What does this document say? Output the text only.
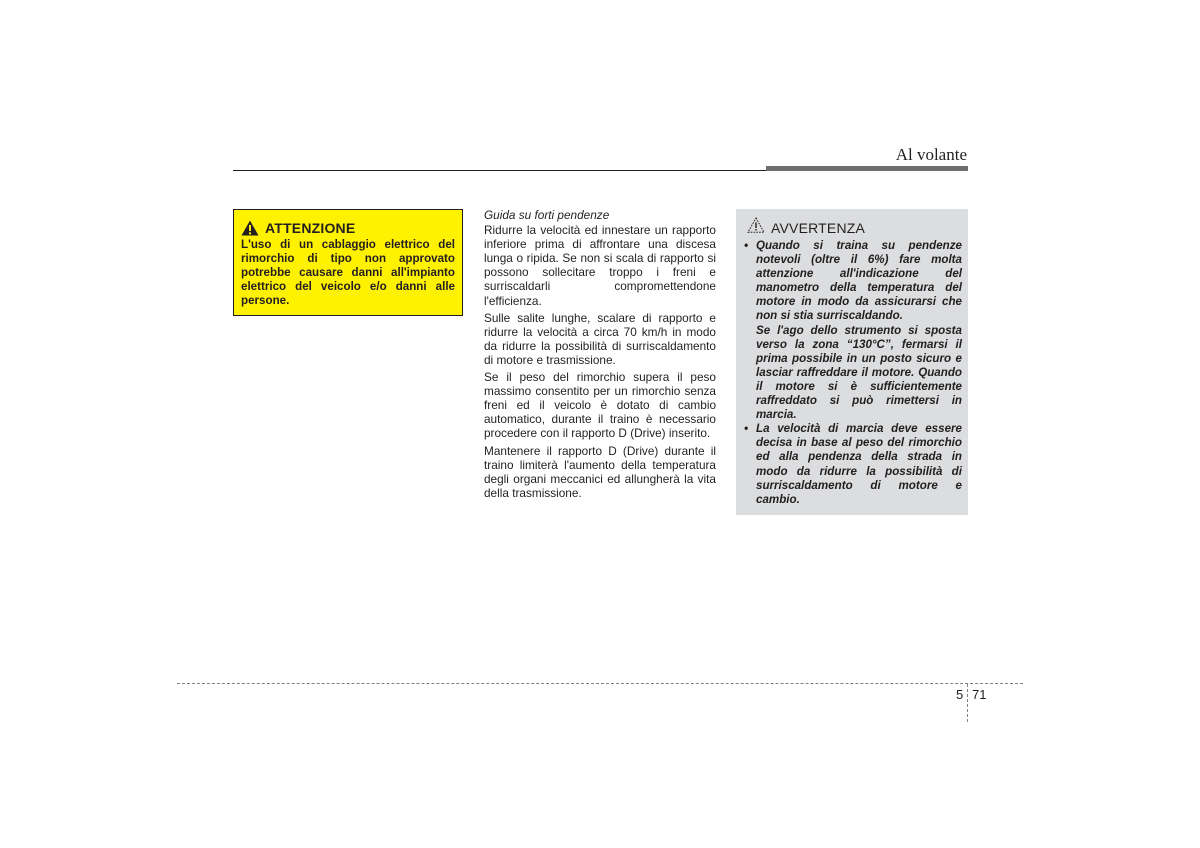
Al volante
ATTENZIONE
L'uso di un cablaggio elettrico del rimorchio di tipo non approvato potrebbe causare danni all'impianto elettrico del veicolo e/o danni alle persone.
Guida su forti pendenze

Ridurre la velocità ed innestare un rapporto inferiore prima di affrontare una discesa lunga o ripida. Se non si scala di rapporto si possono sollecitare troppo i freni e surriscaldarli compromettendone l'efficienza.

Sulle salite lunghe, scalare di rapporto e ridurre la velocità a circa 70 km/h in modo da ridurre la possibilità di surriscaldamento di motore e trasmissione.

Se il peso del rimorchio supera il peso massimo consentito per un rimorchio senza freni ed il veicolo è dotato di cambio automatico, durante il traino è necessario procedere con il rapporto D (Drive) inserito.

Mantenere il rapporto D (Drive) durante il traino limiterà l'aumento della temperatura degli organi meccanici ed allungherà la vita della trasmissione.

AVVERTENZA
• Quando si traina su pendenze notevoli (oltre il 6%) fare molta attenzione all'indicazione del manometro della temperatura del motore in modo da assicurarsi che non si stia surriscaldando.

Se l'ago dello strumento si sposta verso la zona “130°C”, fermarsi il prima possibile in un posto sicuro e lasciar raffreddare il motore. Quando il motore si è sufficientemente raffreddato si può rimettersi in marcia.

• La velocità di marcia deve essere decisa in base al peso del rimorchio ed alla pendenza della strada in modo da ridurre la possibilità di surriscaldamento di motore e cambio.

5 71
